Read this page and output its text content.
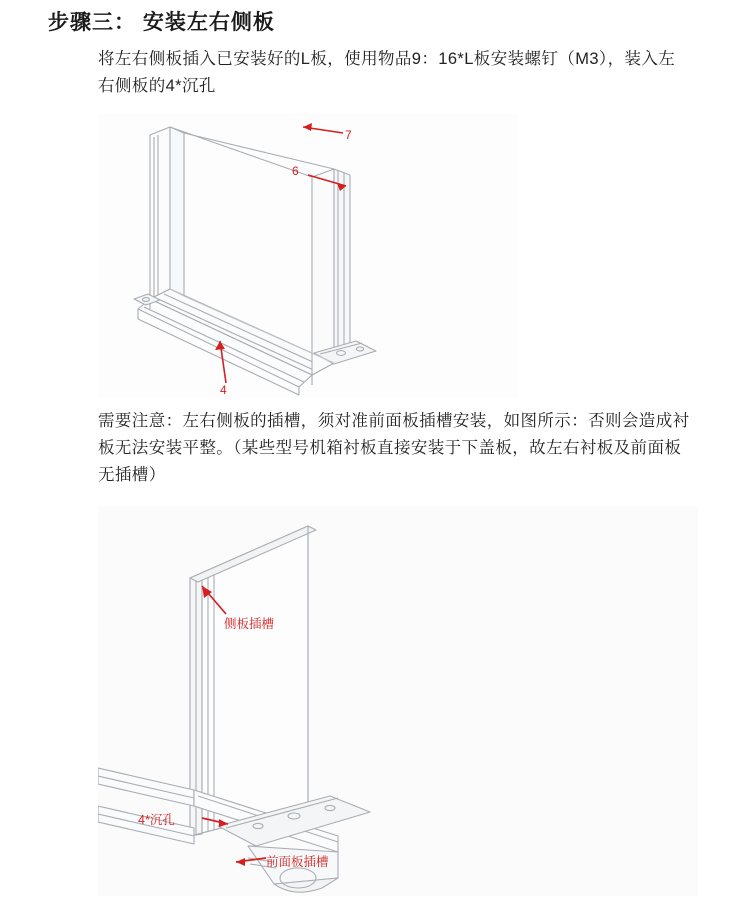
步骤三： 安装左右侧板
将左右侧板插入已安装好的L板，使用物品9：16*L板安装螺钉（M3），装入左右侧板的4*沉孔
7
6
4
需要注意：左右侧板的插槽，须对准前面板插槽安装，如图所示：否则会造成衬板无法安装平整。（某些型号机箱衬板直接安装于下盖板，故左右衬板及前面板无插槽）
侧板插槽
4*沉孔
前面板插槽
